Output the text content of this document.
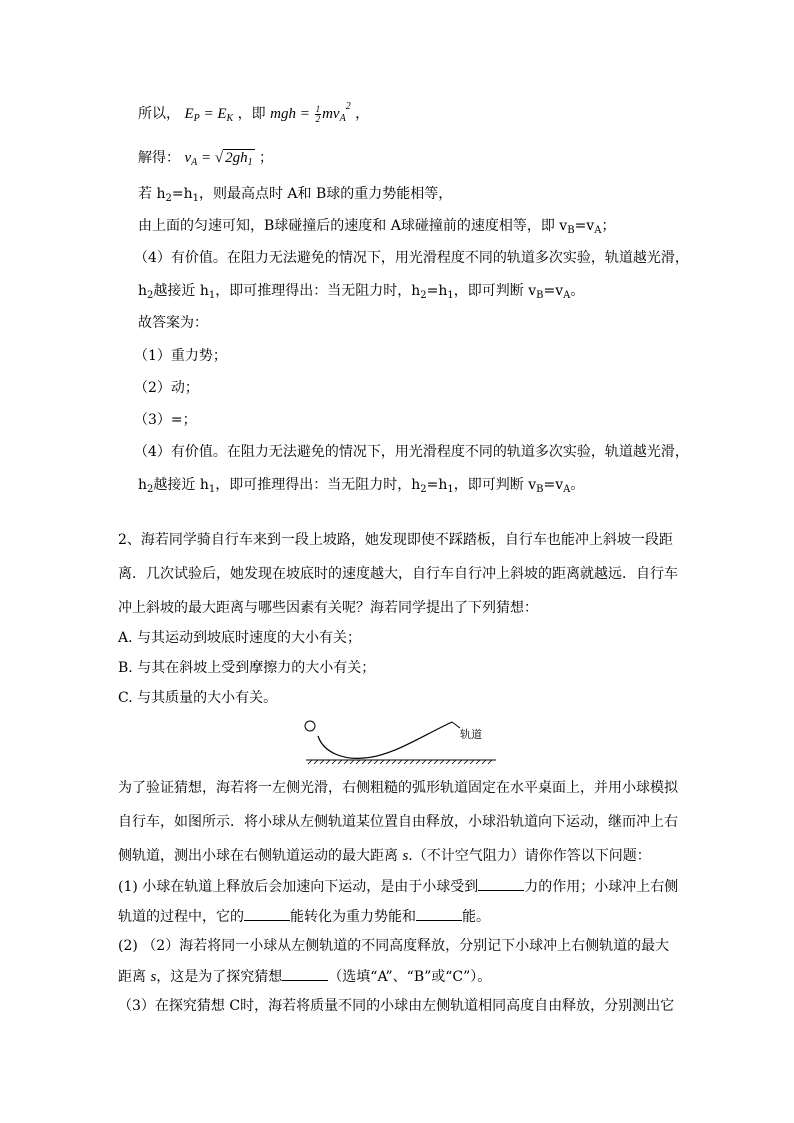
所以， $E_P = E_K$ ，即 mgh = $\frac{1}{2} mv_A^2$ ，
解得： $v_A$ = √ $2gh_1$ ；
若 $h_2=h_1$，则最高点时 A和 B球的重力势能相等，
由上面的匀速可知，B球碰撞后的速度和 A球碰撞前的速度相等，即 $v_B=v_A$；
（4）有价值。在阻力无法避免的情况下，用光滑程度不同的轨道多次实验，轨道越光滑，
$h_2$越接近 $h_1$，即可推理得出：当无阻力时，$h_2=h_1$，即可判断 $v_B=v_A$。
故答案为：
（1）重力势；
（2）动；
（3）=；
（4）有价值。在阻力无法避免的情况下，用光滑程度不同的轨道多次实验，轨道越光滑，
$h_2$越接近 $h_1$，即可推理得出：当无阻力时，$h_2=h_1$，即可判断 $v_B=v_A$。
2、海若同学骑自行车来到一段上坡路，她发现即使不踩踏板，自行车也能冲上斜坡一段距
离．几次试验后，她发现在坡底时的速度越大，自行车自行冲上斜坡的距离就越远．自行车
冲上斜坡的最大距离与哪些因素有关呢？海若同学提出了下列猜想：
A. 与其运动到坡底时速度的大小有关；
B. 与其在斜坡上受到摩擦力的大小有关；
C. 与其质量的大小有关。
轨道
为了验证猜想，海若将一左侧光滑，右侧粗糙的弧形轨道固定在水平桌面上，并用小球模拟
自行车，如图所示．将小球从左侧轨道某位置自由释放，小球沿轨道向下运动，继而冲上右
侧轨道，测出小球在右侧轨道运动的最大距离 s.（不计空气阻力）请你作答以下问题：
(1) 小球在轨道上释放后会加速向下运动，是由于小球受到	力的作用；小球冲上右侧
轨道的过程中，它的	能转化为重力势能和	能。
(2) （2）海若将同一小球从左侧轨道的不同高度释放，分别记下小球冲上右侧轨道的最大
距离 s，这是为了探究猜想	（选填“A”、“B”或“C”）。
（3）在探究猜想 C时，海若将质量不同的小球由左侧轨道相同高度自由释放，分别测出它
